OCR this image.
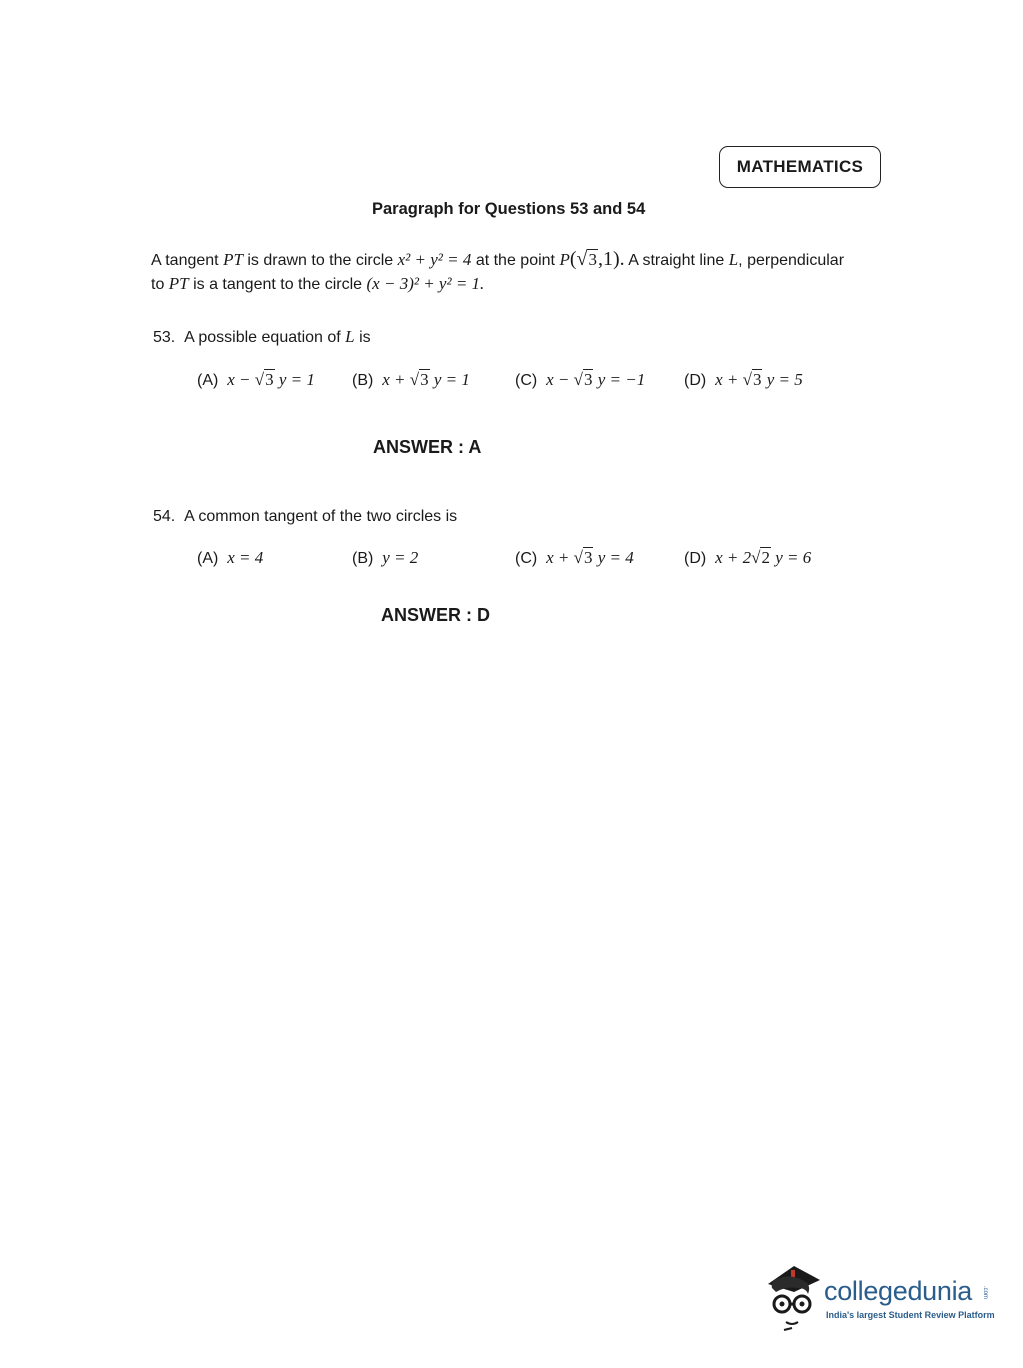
MATHEMATICS
Paragraph for Questions 53 and 54
A tangent PT is drawn to the circle x² + y² = 4 at the point P(√3,1). A straight line L, perpendicular
to PT is a tangent to the circle (x − 3)² + y² = 1.
53. A possible equation of L is
(A) x − √3 y = 1 (B) x + √3 y = 1	(C) x − √3 y = −1 (D) x + √3 y = 5
ANSWER : A
54. A common tangent of the two circles is
(A) x = 4	(B) y = 2	(C) x + √3 y = 4	(D) x + 2√2 y = 6
ANSWER : D
collegedunia
India's largest Student Review Platform
.com
